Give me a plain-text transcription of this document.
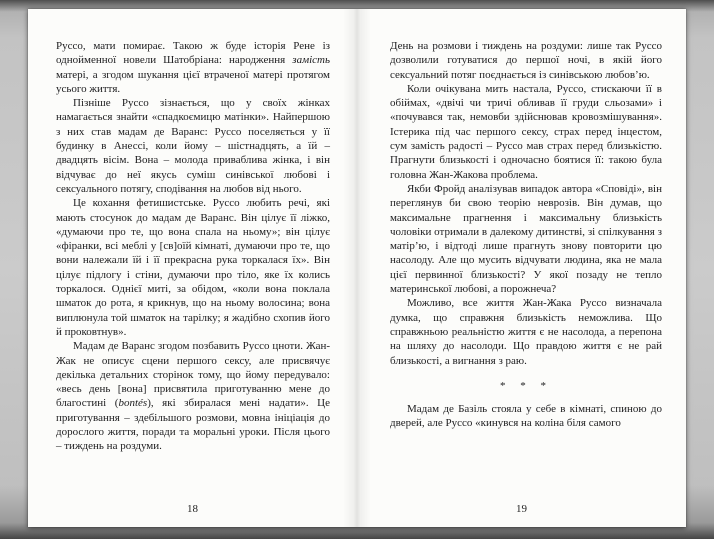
Руссо, мати помирає. Такою ж буде історія Рене із однойменної новели Шатобріана: народження замість матері, а згодом шукання цієї втраченої матері протягом усього життя.

Пізніше Руссо зізнається, що у своїх жінках намагається знайти «спадкоємицю матінки». Найпершою з них став мадам де Варанс: Руссо поселяється у її будинку в Анессі, коли йому – шістнадцять, а їй – двадцять вісім. Вона – молода приваблива жінка, і він відчуває до неї якусь суміш синівської любові і сексуального потягу, сподівання на любов від нього.

Це кохання фетишистське. Руссо любить речі, які мають стосунок до мадам де Варанс. Він цілує її ліжко, «думаючи про те, що вона спала на ньому»; він цілує «фіранки, всі меблі у [св]оїй кімнаті, думаючи про те, що вони належали їй і її прекрасна рука торкалася їх». Він цілує підлогу і стіни, думаючи про тіло, яке їх колись торкалося. Однієї миті, за обідом, «коли вона поклала шматок до рота, я крикнув, що на ньому волосина; вона виплюнула той шматок на тарілку; я жадібно схопив його й проковтнув».

Мадам де Варанс згодом позбавить Руссо цноти. Жан-Жак не описує сцени першого сексу, але присвячує декілька детальних сторінок тому, що йому передувало: «весь день [вона] присвятила приготуванню мене до благостині (bontés), які збиралася мені надати». Це приготування – здебільшого розмови, мовна ініціація до дорослого життя, поради та моральні уроки. Після цього – тиждень на роздуми.

18

День на розмови і тиждень на роздуми: лише так Руссо дозволили готуватися до першої ночі, в якій його сексуальний потяг поєднається із синівською любов’ю.

Коли очікувана мить настала, Руссо, стискаючи її в обіймах, «двічі чи тричі обливав її груди сльозами» і «почувався так, немовби здійснював кровозмішування». Істерика під час першого сексу, страх перед інцестом, сум замість радості – Руссо мав страх перед близькістю. Прагнути близькості і одночасно боятися її: такою була головна Жан-Жакова проблема.

Якби Фройд аналізував випадок автора «Сповіді», він переглянув би свою теорію неврозів. Він думав, що максимальне прагнення і максимальну близькість чоловіки отримали в далекому дитинстві, зі спілкування з матір’ю, і відтоді лише прагнуть знову повторити цю насолоду. Але що мусить відчувати людина, яка не мала цієї первинної близькості? У якої позаду не тепло материнської любові, а порожнеча?

Можливо, все життя Жан-Жака Руссо визначала думка, що справжня близькість неможлива. Що справжньою реальністю життя є не насолода, а перепона на шляху до насолоди. Що правдою життя є не рай близькості, а вигнання з раю.

* * *

Мадам де Базіль стояла у себе в кімнаті, спиною до дверей, але Руссо «кинувся на коліна біля самого

19
